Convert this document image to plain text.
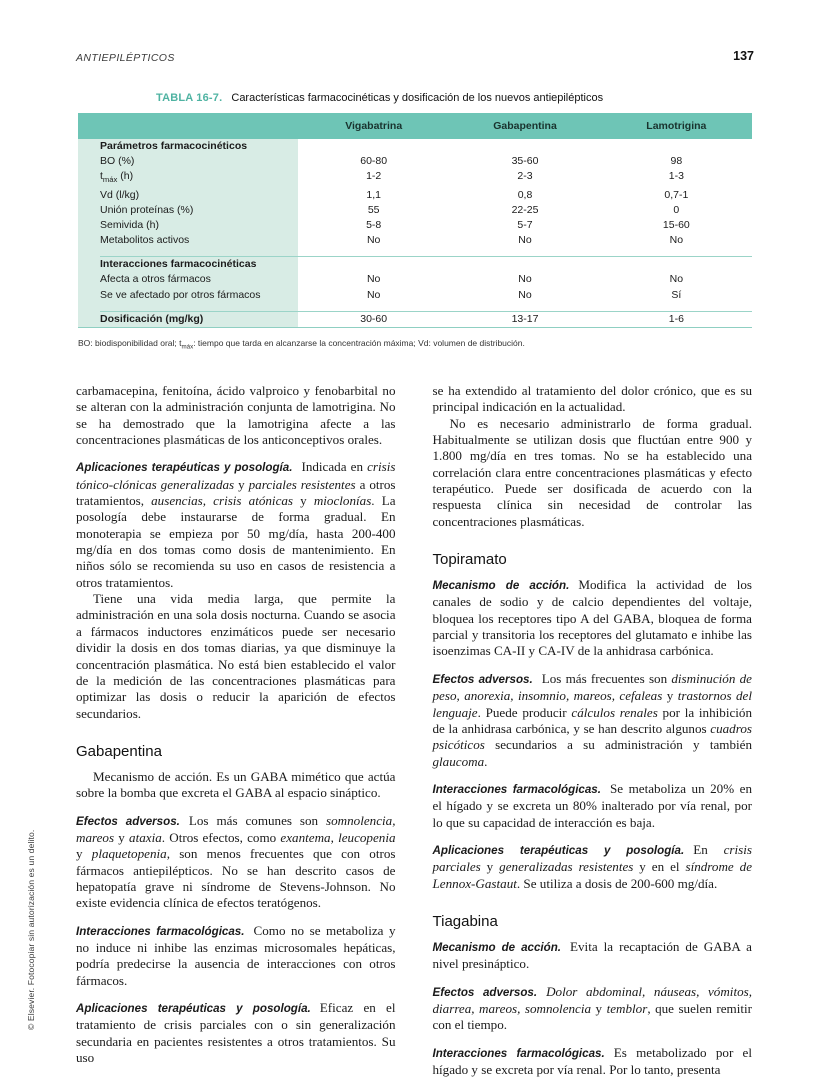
ANTIEPILÉPTICOS	137
TABLA 16-7. Características farmacocinéticas y dosificación de los nuevos antiepilépticos
	Vigabatrina	Gabapentina	Lamotrigina
Parámetros farmacocinéticos			
BO (%)	60-80	35-60	98
$t_{máx}$ (h)	1-2	2-3	1-3
Vd (l/kg)	1,1	0,8	0,7-1
Unión proteínas (%)	55	22-25	0
Semivida (h)	5-8	5-7	15-60
Metabolitos activos	No	No	No

Interacciones farmacocinéticas			
Afecta a otros fármacos	No	No	No
Se ve afectado por otros fármacos	No	No	Sí

Dosificación (mg/kg)	30-60	13-17	1-6

BO: biodisponibilidad oral; $t_{máx}$: tiempo que tarda en alcanzarse la concentración máxima; Vd: volumen de distribución.

carbamacepina, fenitoína, ácido valproico y fenobarbital no se alteran con la administración conjunta de lamotrigina. No se ha demostrado que la lamotrigina afecte a las concentraciones plasmáticas de los anticonceptivos orales.

Aplicaciones terapéuticas y posología. Indicada en crisis tónico-clónicas generalizadas y parciales resistentes a otros tratamientos, ausencias, crisis atónicas y mioclonías. La posología debe instaurarse de forma gradual. En monoterapia se empieza por 50 mg/día, hasta 200-400 mg/día en dos tomas como dosis de mantenimiento. En niños sólo se recomienda su uso en casos de resistencia a otros tratamientos.

Tiene una vida media larga, que permite la administración en una sola dosis nocturna. Cuando se asocia a fármacos inductores enzimáticos puede ser necesario dividir la dosis en dos tomas diarias, ya que disminuye la concentración plasmática. No está bien establecido el valor de la medición de las concentraciones plasmáticas para optimizar las dosis o reducir la aparición de efectos secundarios.

Gabapentina

Mecanismo de acción. Es un GABA mimético que actúa sobre la bomba que excreta el GABA al espacio sináptico.

Efectos adversos. Los más comunes son somnolencia, mareos y ataxia. Otros efectos, como exantema, leucopenia y plaquetopenia, son menos frecuentes que con otros fármacos antiepilépticos. No se han descrito casos de hepatopatía grave ni síndrome de Stevens-Johnson. No existe evidencia clínica de efectos teratógenos.

Interacciones farmacológicas. Como no se metaboliza y no induce ni inhibe las enzimas microsomales hepáticas, podría predecirse la ausencia de interacciones con otros fármacos.

Aplicaciones terapéuticas y posología. Eficaz en el tratamiento de crisis parciales con o sin generalización secundaria en pacientes resistentes a otros tratamientos. Su uso

se ha extendido al tratamiento del dolor crónico, que es su principal indicación en la actualidad.

No es necesario administrarlo de forma gradual. Habitualmente se utilizan dosis que fluctúan entre 900 y 1.800 mg/día en tres tomas. No se ha establecido una correlación clara entre concentraciones plasmáticas y efecto terapéutico. Puede ser dosificada de acuerdo con la respuesta clínica sin necesidad de controlar las concentraciones plasmáticas.

Topiramato

Mecanismo de acción. Modifica la actividad de los canales de sodio y de calcio dependientes del voltaje, bloquea los receptores tipo A del GABA, bloquea de forma parcial y transitoria los receptores del glutamato e inhibe las isoenzimas CA-II y CA-IV de la anhidrasa carbónica.

Efectos adversos. Los más frecuentes son disminución de peso, anorexia, insomnio, mareos, cefaleas y trastornos del lenguaje. Puede producir cálculos renales por la inhibición de la anhidrasa carbónica, y se han descrito algunos cuadros psicóticos secundarios a su administración y también glaucoma.

Interacciones farmacológicas. Se metaboliza un 20% en el hígado y se excreta un 80% inalterado por vía renal, por lo que su capacidad de interacción es baja.

Aplicaciones terapéuticas y posología. En crisis parciales y generalizadas resistentes y en el síndrome de Lennox-Gastaut. Se utiliza a dosis de 200-600 mg/día.

Tiagabina

Mecanismo de acción. Evita la recaptación de GABA a nivel presináptico.

Efectos adversos. Dolor abdominal, náuseas, vómitos, diarrea, mareos, somnolencia y temblor, que suelen remitir con el tiempo.

Interacciones farmacológicas. Es metabolizado por el hígado y se excreta por vía renal. Por lo tanto, presenta

© Elsevier. Fotocopiar sin autorización es un delito.
